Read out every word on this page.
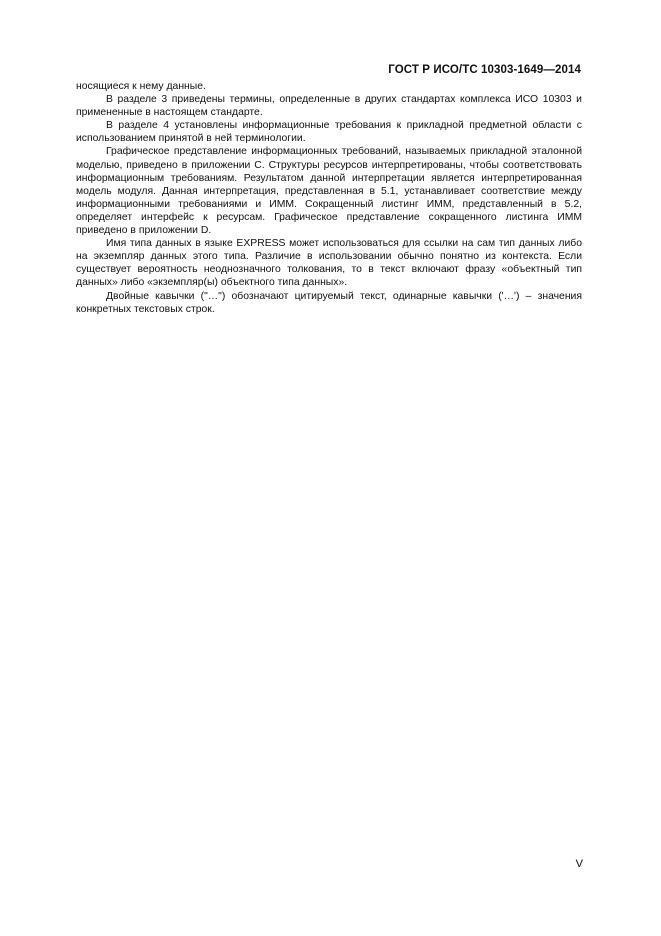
ГОСТ Р ИСО/ТС 10303-1649—2014

носящиеся к нему данные.

В разделе 3 приведены термины, определенные в других стандартах комплекса ИСО 10303 и примененные в настоящем стандарте.

В разделе 4 установлены информационные требования к прикладной предметной области с использованием принятой в ней терминологии.

Графическое представление информационных требований, называемых прикладной эталонной моделью, приведено в приложении С. Структуры ресурсов интерпретированы, чтобы соответствовать информационным требованиям. Результатом данной интерпретации является интерпретированная модель модуля. Данная интерпретация, представленная в 5.1, устанавливает соответствие между информационными требованиями и ИММ. Сокращенный листинг ИММ, представленный в 5.2, определяет интерфейс к ресурсам. Графическое представление сокращенного листинга ИММ приведено в приложении D.

Имя типа данных в языке EXPRESS может использоваться для ссылки на сам тип данных либо на экземпляр данных этого типа. Различие в использовании обычно понятно из контекста. Если существует вероятность неоднозначного толкования, то в текст включают фразу «объектный тип данных» либо «экземпляр(ы) объектного типа данных».

Двойные кавычки ("…") обозначают цитируемый текст, одинарные кавычки ('…') – значения конкретных текстовых строк.

V
